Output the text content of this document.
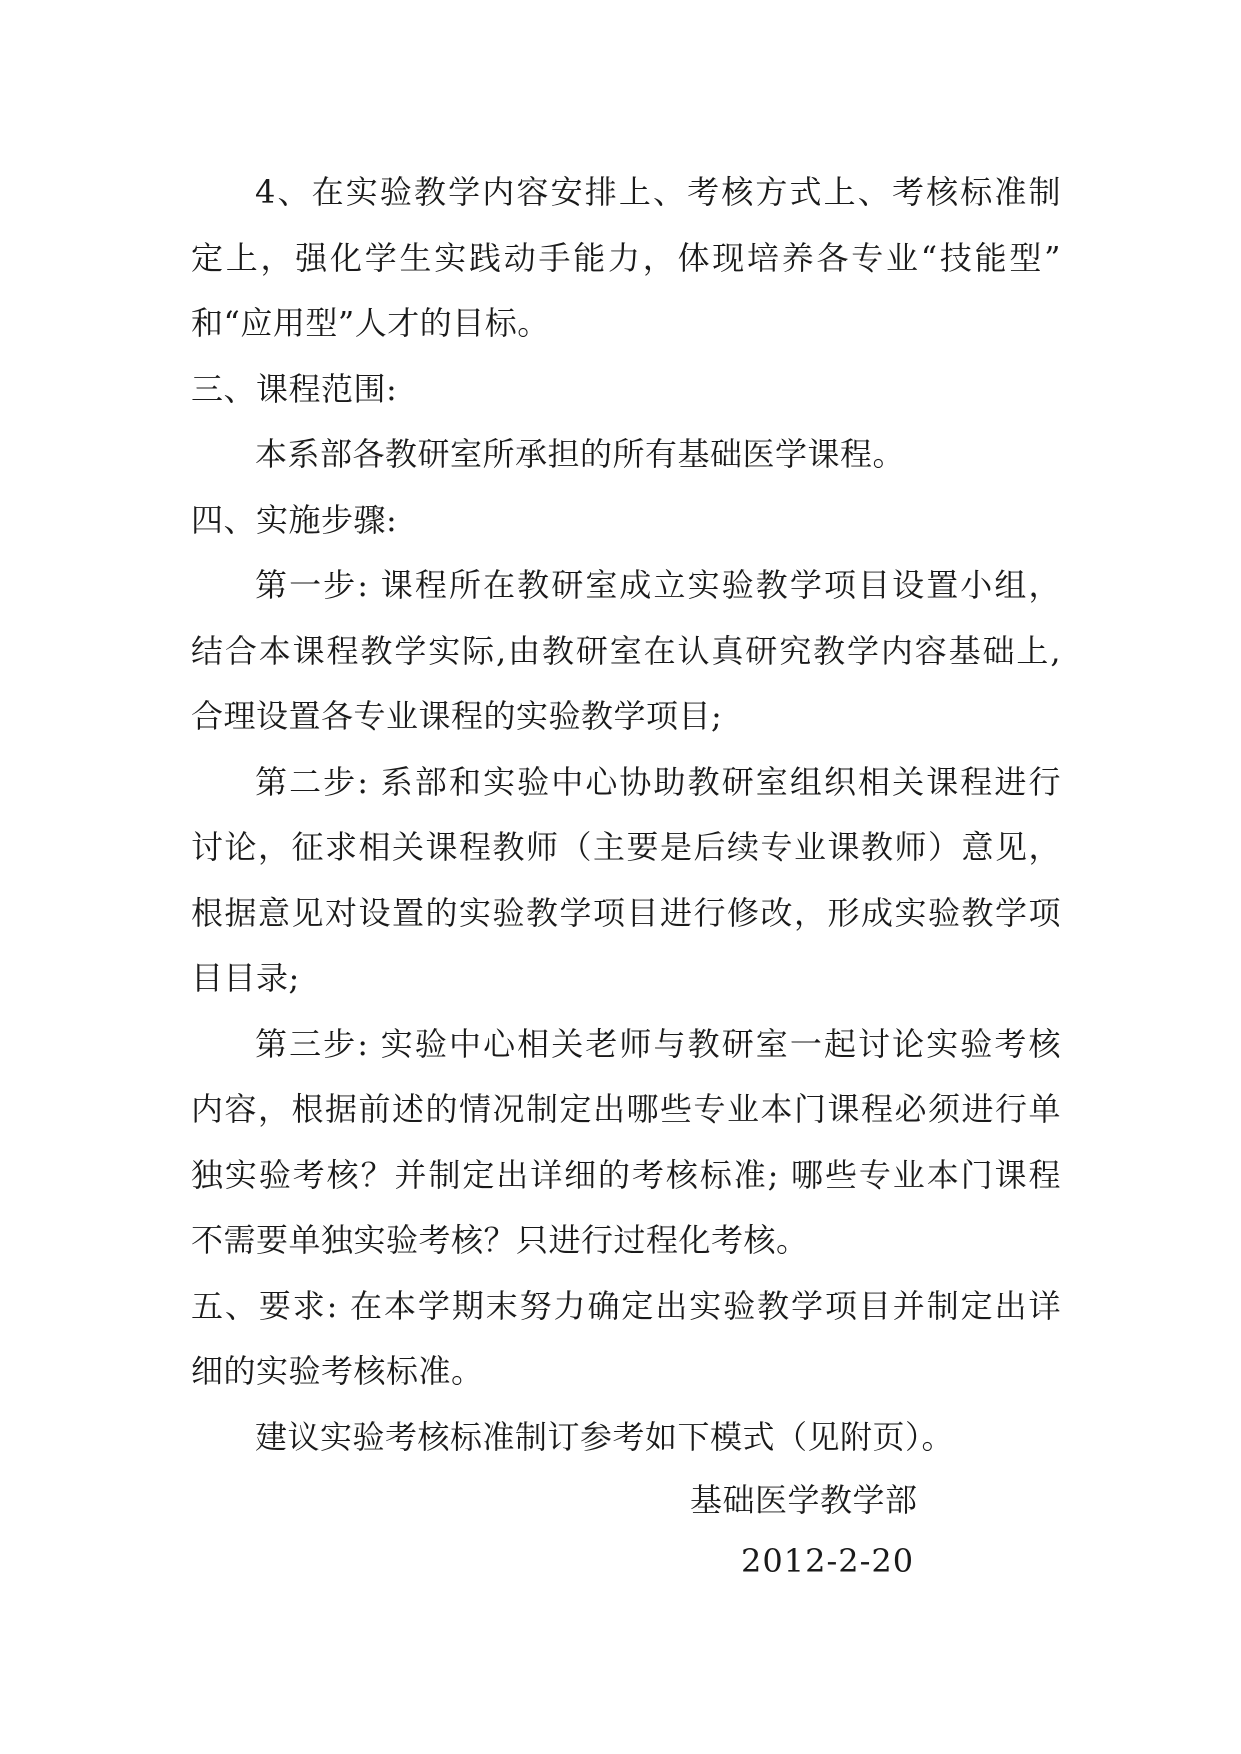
4、在实验教学内容安排上、考核方式上、考核标准制
定上，强化学生实践动手能力，体现培养各专业“技能型”
和“应用型”人才的目标。
三、课程范围:
本系部各教研室所承担的所有基础医学课程。
四、实施步骤:
第一步: 课程所在教研室成立实验教学项目设置小组，
结合本课程教学实际,由教研室在认真研究教学内容基础上,
合理设置各专业课程的实验教学项目;
第二步: 系部和实验中心协助教研室组织相关课程进行
讨论，征求相关课程教师（主要是后续专业课教师）意见，
根据意见对设置的实验教学项目进行修改，形成实验教学项
目目录;
第三步: 实验中心相关老师与教研室一起讨论实验考核
内容，根据前述的情况制定出哪些专业本门课程必须进行单
独实验考核？并制定出详细的考核标准; 哪些专业本门课程
不需要单独实验考核？只进行过程化考核。
五、要求: 在本学期末努力确定出实验教学项目并制定出详
细的实验考核标准。
建议实验考核标准制订参考如下模式（见附页）。
基础医学教学部
2012-2-20
